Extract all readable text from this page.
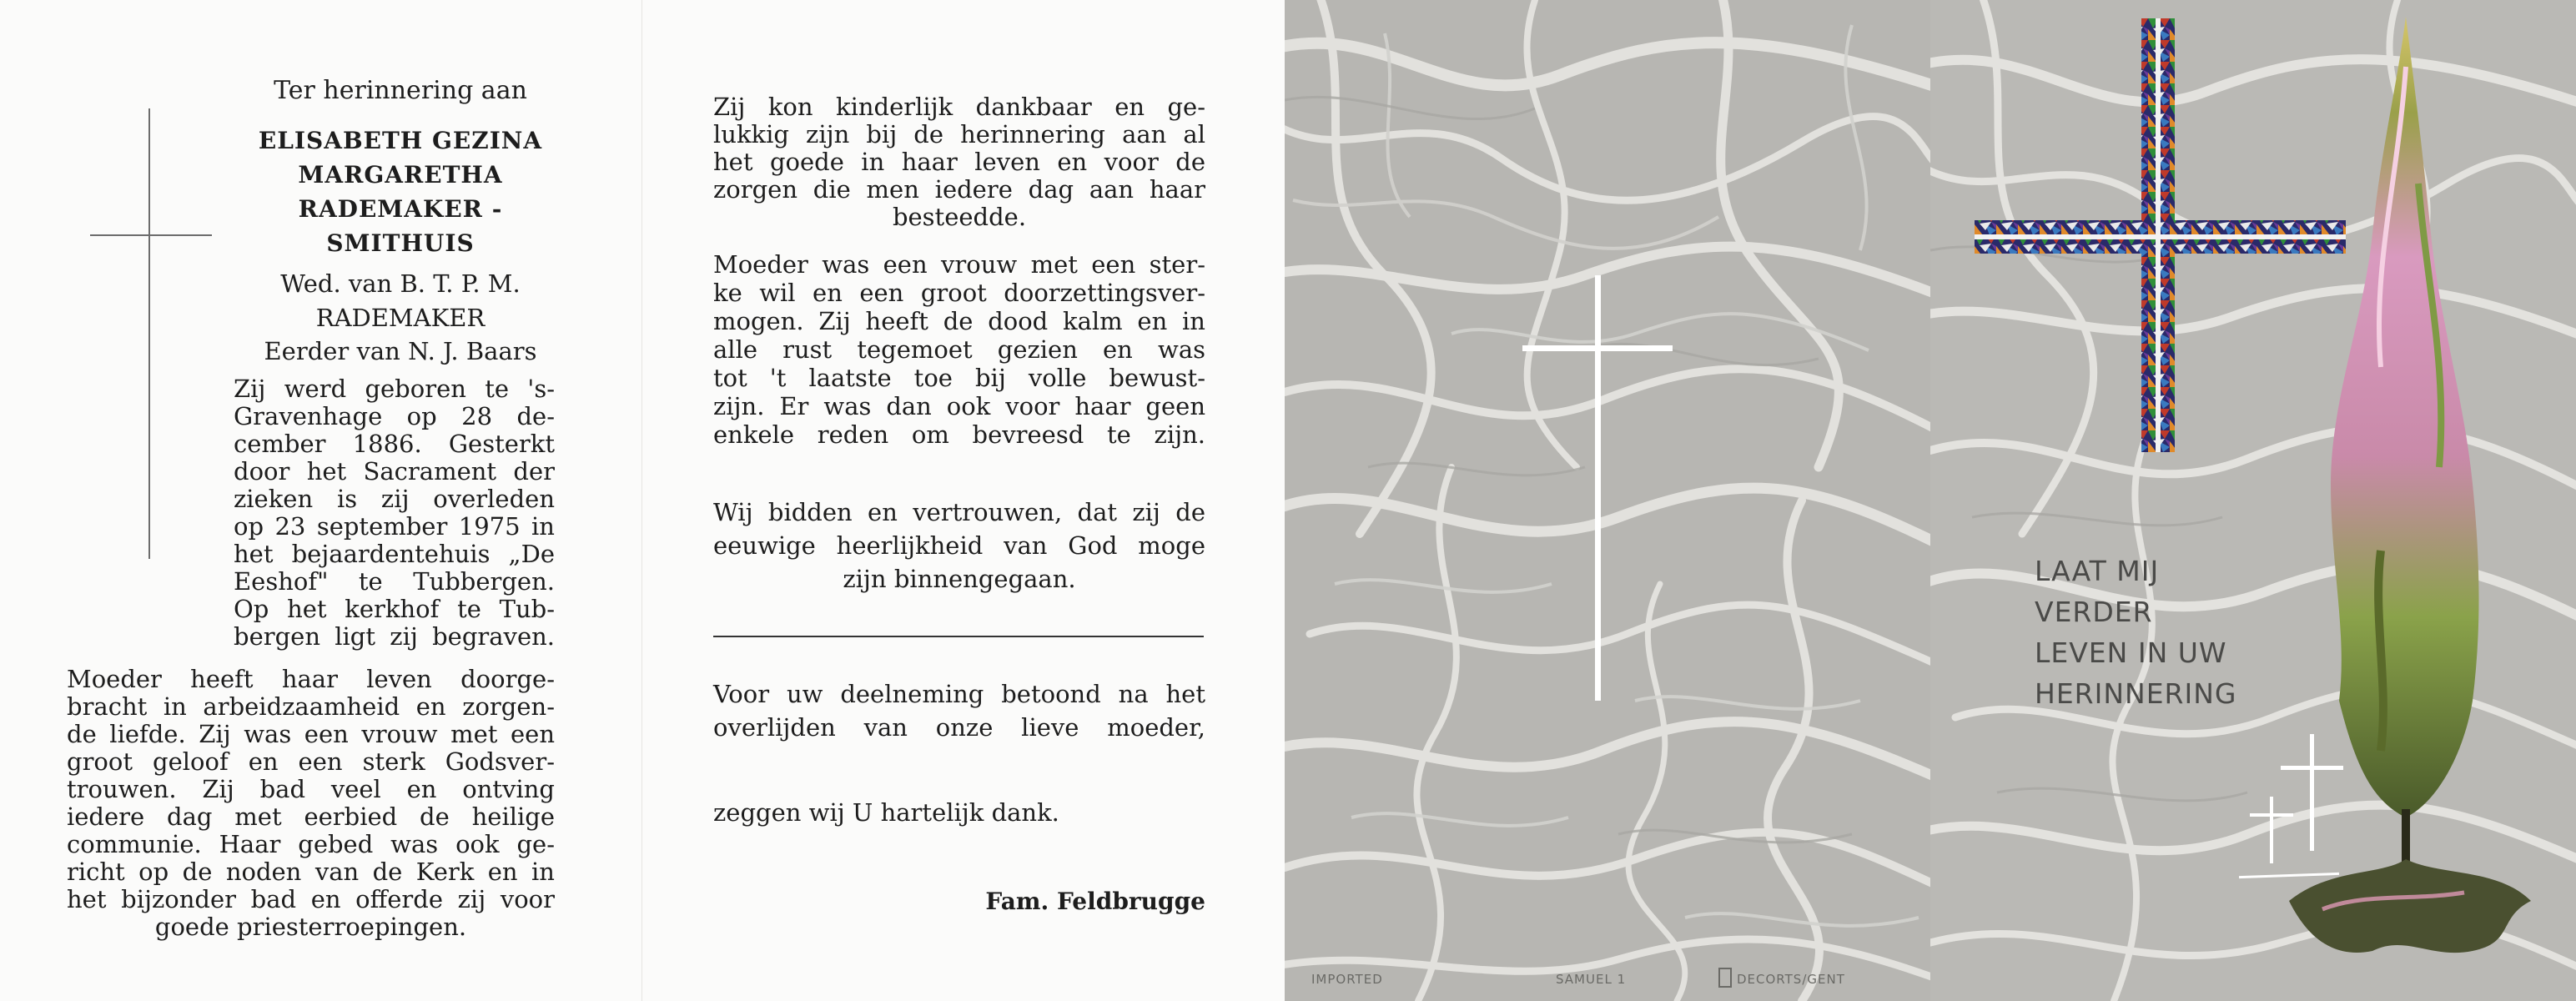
Ter herinnering aan
ELISABETH GEZINA
MARGARETHA
RADEMAKER -
SMITHUIS
Wed. van B. T. P. M.
RADEMAKER
Eerder van N. J. Baars
Zij werd geboren te 's-
Gravenhage op 28 de-
cember 1886. Gesterkt
door het Sacrament der
zieken is zij overleden
op 23 september 1975 in
het bejaardentehuis „De
Eeshof" te Tubbergen.
Op het kerkhof te Tub-
bergen ligt zij begraven.
Moeder heeft haar leven doorge-
bracht in arbeidzaamheid en zorgen-
de liefde. Zij was een vrouw met een
groot geloof en een sterk Godsver-
trouwen. Zij bad veel en ontving
iedere dag met eerbied de heilige
communie. Haar gebed was ook ge-
richt op de noden van de Kerk en in
het bijzonder bad en offerde zij voor
goede priesterroepingen.
Zij kon kinderlijk dankbaar en ge-
lukkig zijn bij de herinnering aan al
het goede in haar leven en voor de
zorgen die men iedere dag aan haar
besteedde.
Moeder was een vrouw met een ster-
ke wil en een groot doorzettingsver-
mogen. Zij heeft de dood kalm en in
alle rust tegemoet gezien en was
tot 't laatste toe bij volle bewust-
zijn. Er was dan ook voor haar geen
enkele reden om bevreesd te zijn.
Wij bidden en vertrouwen, dat zij de
eeuwige heerlijkheid van God moge
zijn binnengegaan.
Voor uw deelneming betoond na het
overlijden van onze lieve moeder,
zeggen wij U hartelijk dank.
Fam. Feldbrugge
IMPORTED	SAMUEL 1	DECORTS/GENT
LAAT MIJ VERDER
LEVEN IN UW
HERINNERING
